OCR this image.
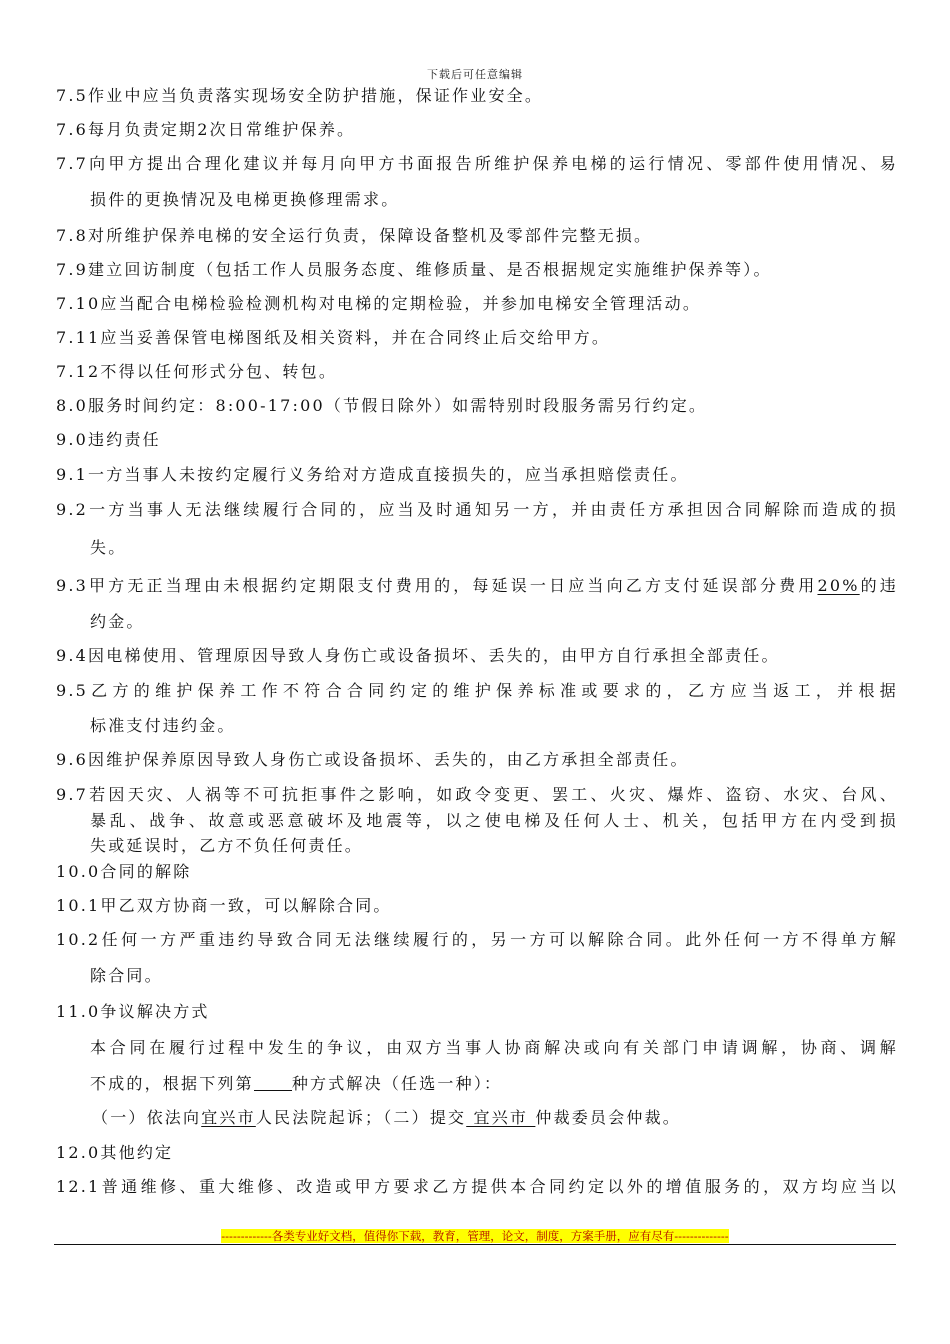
下载后可任意编辑
7.5作业中应当负责落实现场安全防护措施，保证作业安全。
7.6每月负责定期2次日常维护保养。
7.7向甲方提出合理化建议并每月向甲方书面报告所维护保养电梯的运行情况、零部件使用情况、易
损件的更换情况及电梯更换修理需求。
7.8对所维护保养电梯的安全运行负责，保障设备整机及零部件完整无损。
7.9建立回访制度（包括工作人员服务态度、维修质量、是否根据规定实施维护保养等）。
7.10应当配合电梯检验检测机构对电梯的定期检验，并参加电梯安全管理活动。
7.11应当妥善保管电梯图纸及相关资料，并在合同终止后交给甲方。
7.12不得以任何形式分包、转包。
8.0服务时间约定：8:00-17:00（节假日除外）如需特别时段服务需另行约定。
9.0违约责任
9.1一方当事人未按约定履行义务给对方造成直接损失的，应当承担赔偿责任。
9.2一方当事人无法继续履行合同的，应当及时通知另一方，并由责任方承担因合同解除而造成的损
失。
9.3甲方无正当理由未根据约定期限支付费用的，每延误一日应当向乙方支付延误部分费用20%的违
约金。
9.4因电梯使用、管理原因导致人身伤亡或设备损坏、丢失的，由甲方自行承担全部责任。
9.5乙方的维护保养工作不符合合同约定的维护保养标准或要求的，乙方应当返工，并根据
标准支付违约金。
9.6因维护保养原因导致人身伤亡或设备损坏、丢失的，由乙方承担全部责任。
9.7若因天灾、人祸等不可抗拒事件之影响，如政令变更、罢工、火灾、爆炸、盗窃、水灾、台风、
暴乱、战争、故意或恶意破坏及地震等，以之使电梯及任何人士、机关，包括甲方在内受到损
失或延误时，乙方不负任何责任。
10.0合同的解除
10.1甲乙双方协商一致，可以解除合同。
10.2任何一方严重违约导致合同无法继续履行的，另一方可以解除合同。此外任何一方不得单方解
除合同。
11.0争议解决方式
本合同在履行过程中发生的争议，由双方当事人协商解决或向有关部门申请调解，协商、调解
不成的，根据下列第 种方式解决（任选一种）：
（一）依法向宜兴市人民法院起诉；（二）提交 宜兴市 仲裁委员会仲裁。
12.0其他约定
12.1普通维修、重大维修、改造或甲方要求乙方提供本合同约定以外的增值服务的，双方均应当以
-------------各类专业好文档，值得你下载，教育，管理，论文，制度，方案手册，应有尽有--------------
